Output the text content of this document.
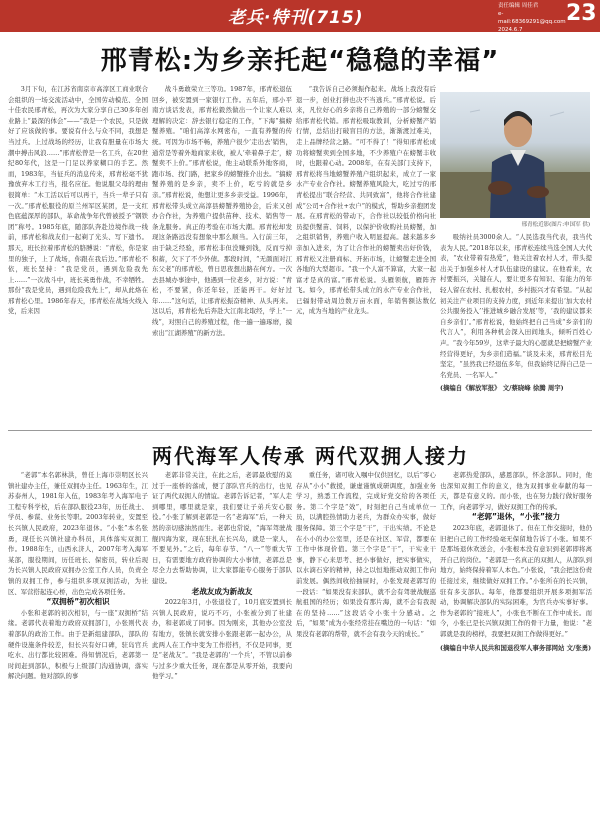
老兵·特刊(715)
责任编辑 周佳君
e-mail:68369291@qq.com
2024.6.7
23
邢青松:为乡亲托起“稳稳的幸福”

3月下旬，在江苏省南京市高淳区工商业联合会组织的一场交流活动中，全国劳动模范、全国十佳农民邢青松，再次为大家分享自己30多年创业路上“最深的体会”——“我是一个农民，只是做好了应该做的事。要说有什么与众不同，我想是当过兵。上过战场的经历，让我有胆量在市场大潮中搏击风浪……”邢青松曾是一名工兵，在20世纪80年代，这是一门足以养家糊口的手艺。然而，1983年，当征兵的消息传来，邢青松毫不犹豫放弃木工行当，报名应征。他说服父母的理由很简单：“木工活以后可以再干，当兵一辈子只有一次。”邢青松服役的原兰州军区某团，是一支红色底蕴深厚的部队，革命战争年代曾被授予“钢铁团”称号。1985年底，随部队奔赴边境作战一线前，邢青松和战友们一起剃了光头、写下遗书。那天，班长拉着邢青松的胳膊说：“青松，你是家里的独子，上了战场，你跟在我后边。”邢青松不依，班长坚持：“我是党员，遇到危险我先上……”一次战斗中，班长英勇作战，不幸牺牲。那份“我是党员，遇到危险我先上”，却从此烙在邢青松心里。1986年春天，邢青松在战场火线入党，后来因

战斗勇敢荣立三等功。1987年，邢青松退伍回乡，被安置到一家银行工作。五年后，邢小平南方谈话发表，邢青松毅然做出一个让家人难以理解的决定：辞去银行稳定的工作，“下海”搞螃蟹养殖。“咱们高淳水网密布，一直有养蟹的传统。可因为市场不畅，养殖户很少‘走出去’销售，通常是等着外地商家来收，被人‘牵着鼻子走’，螃蟹卖不上价。”邢青松说，他主动联系外地客商，跑市场、找门路，把家乡的螃蟹推介出去。“搞螃蟹养殖的是乡亲，卖不上价，吃亏的就是乡亲。”邢青松说，他想让更多乡亲受益。1996年，邢青松带头成立高淳县螃蟹养殖协会，后来又创办合作社，为养殖户提供苗种、技术、销售等一条龙服务。真正的考验在市场大潮。邢青松却发现这条路远没有想象中那么顺当。入行前三年，由于缺乏经验，邢青松非但没赚到钱，反而亏掉积蓄，欠下了不少外债。那段时间，“无颜面对江东父老”的邢青松，曾日思夜想出路在何方。一次去县城办事途中，他遇到一位老乡，对方说：“青松，不要紧，你还年轻，还能再干。好好过年……”这句话，让邢青松振奋精神、从头再来。这以后，邢青松先后奔赴大江南北取经，学上“一线”，对照自己的养殖过程，他一遍一遍琢磨，摸索出“江湖养殖”的新方法。

“我告诉自己必须振作起来。战场上我没有后退一步，创业打拼也决不当逃兵。”邢青松说。后来，凡位好心的乡亲将自己养殖的一部分螃蟹交给邢青松代销。邢青松吸取教训，分析螃蟹产销行情，总结出打破盲目的方法，渐渐渡过难关，走上品牌经营之路。“可不得了！”得知邢青松成功将螃蟹卖到全国多地，不少养殖户在螃蟹丰收时，也跟着心动。2008年，在有关部门支持下，邢青松将当地螃蟹养殖户组织起来，成立了一家水产专业合作社。螃蟹养殖风险大，吃过亏的邢青松提出“联合经营、共同致富”，他将合作社建成“公司+合作社+农户”的模式，帮助乡亲抱团发展。在邢青松的带动下，合作社以较低价格向社员提供蟹苗、饲料，以保护价收购社员螃蟹，加之组织销售，养殖户收入明显提高。越来越多乡亲加入进来，为了让合作社的螃蟹卖出好价钱，邢青松又注册商标、开拓市场，让螃蟹走进全国各地的大型超市。“我一个人富不算富，大家一起富才是真的富。”邢青松说。头雁领航，雁阵齐飞。如今，邢青松带头成立的水产专业合作社，已辐射带动周边数万亩水面，年销售额达数亿元，成为当地的产业龙头。

邢青松近影(图片:申国军 供)

吸纳社员3000余人。“人民选我当代表，我当代表为人民。”2018年以来，邢青松连续当选全国人大代表，“农业带着有热爱”，他关注着农村人才，带头提出关于加强乡村人才队伍建设的建议。在他看来，农村要振兴，关键在人，要让更多有知识、有能力的年轻人留在农村、扎根农村，乡村振兴才有希望。“从起初关注产业项目的支持力度，到近年来提出‘加大农村公共服务投入’‘推进城乡融合发展’等，‘我的建议都来自乡亲们’。”邢青松说，他始终把自己当成“乡亲们的代言人”，利用各种机会深入田间地头，倾听百姓心声。“我今年59岁，这辈子最大的心愿就是把螃蟹产业经营得更好，为乡亲们造福。”谈及未来，邢青松目光坚定，“虽然我已经退伍多年，但我始终记得自己是一名党员、一名军人。”

(摘编自《解放军报》 文/蔡晓峰 徐腾 周宇)

两代海军人传承 两代双拥人接力

“老郭”本名郭林洪，曾任上海市崇明区长兴镇社建办主任，兼任双拥办主任。1963年生，江苏泰州人，1981年入伍，1983年考入海军电子工程专科学校，后在部队服役23年，历任战士、学员、参谋、业务长等职。2003年转业，安置至长兴镇人民政府，2023年退休。“小张”本名张勇，现任长兴镇社建办科员，具体落实双拥工作。1988年生，山西永济人，2007年考入海军某部，服役期间，历任班长、保密员，转业后现为长兴镇人民政府双拥办公室工作人员，负责全镇的双拥工作，参与组织多项双拥活动，为社区、军营搭起连心桥，出色完成各项任务。

“双拥桥”初次相识

小张和老郭的初次相识，与一座“双拥桥”结缘。老郭代表着地方政府双拥部门，小张则代表着部队的政治工作。由于是新组建部队，部队的硬件设施条件较差，但长兴有好口碑，驻岛官兵吃水、出行都比较困难。得知情况后，老郭第一时间赶到部队，积极与上级部门沟通协调，落实解决问题。他对部队的事

老郭非常关注，在此之后，老郭最欣慰的莫过于一座桥的落成，便了部队官兵的出行，也见证了两代双拥人的情谊。老郭告诉记者，“军人走到哪里，哪里就是家，我们要让子弟兵安心服役。”小张了解到老郭是一名“老海军”后，一种天然的亲切感油然而生。老郭也常说，“海军驾驶战舰四海为家，现在驻扎在长兴岛，就是一家人，不要见外。”之后，每年春节、“八一”等重大节日，有需要地方政府协调的大小事情，老郭总是尽全力去帮助协调，让大家都能专心服务于部队建设。

老战友成为新战友

2022年3月，小张退役了，10月底安置到长兴镇人民政府，说巧不巧，小张被分到了社建办，和老郭成了同事。因为刚来，其他办公室没有地方，张镇长就安排小张跟老郭一起办公，从此两人在工作中变为工作搭档，不仅是同事，更是“老战友”。“我是老郭的‘一个兵’，不管以前参与过多少重大任务，现在都是从零开始，我要向他学习。”

重任务，诸可收入嘱中仅供回忆，以后“零心存从”小小“救援，谦虚谨慎成研调度，加强业务学习，熟悉工作流程，完成好党交给的各项任务。第二个字是“效”，时刻把自己当成单位一员，以满腔热情助力老兵，为群众办实事，做好服务保障。第三个字是“干”，干出实绩。不论是在小小的办公室里，还是在社区、军营，都要在工作中体现价值。第三个字是“干”，干实业干事，静下心来思考、把小事做好，把实事做实，以水滴石穿的精神，持之以恒地推动双拥工作向前发展。偶然间收拾抽屉时，小张发现老郭写的一段话：“如果没有来部队，就不会有驾驶战舰巡航祖国的经历；如果没有那片海，就不会有我现在的坚持……”这段话令小张十分感动。之后，“如果”成为小张经常挂在嘴边的一句话：“如果没有老郭的帮带，就不会有我今天的成长。”

老郭热爱部队，感恩部队，怀念部队。同时，他也深知双拥工作的意义，他为双拥事业奉献的每一天，都是有意义的。而小张，也在努力践行做好服务工作，向老郭学习，做好双拥工作的传承。

“老郭”退休，“小张”接力

2023年底，老郭退休了。但在工作交接时，他仍旧把自己的工作经验毫无保留地告诉了小张。如果不是那场退休欢送会，小张根本没有意识到老郭即将离开自己的岗位。“老郭是一名真正的双拥人，从部队到地方，始终保持着军人本色。”小张说，“我会把这份责任接过来，继续做好双拥工作。”小张所在的长兴镇，驻有多支部队。每年，他都要组织开展多项拥军活动，协调解决部队的实际困难，为官兵办实事好事。作为老郭的“接班人”，小张也不断在工作中成长。而今，小张已是长兴镇双拥工作的骨干力量，他说：“老郭就是我的榜样，我要把双拥工作做得更好。”

(摘编自中华人民共和国退役军人事务部网站 文/张勇)
